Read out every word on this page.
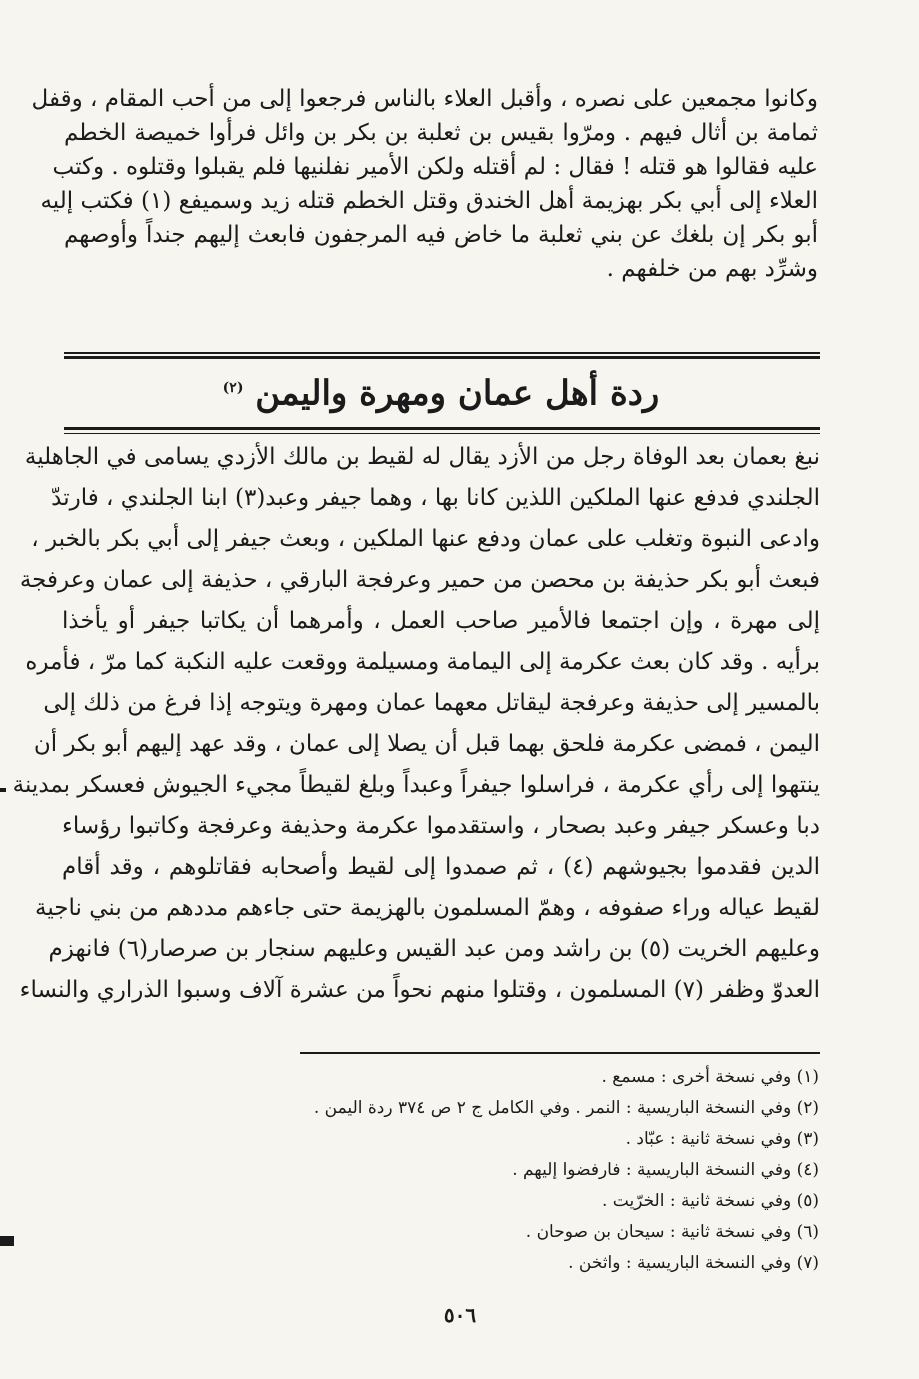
وكانوا مجمعين على نصره ، وأقبل العلاء بالناس فرجعوا إلى من أحب المقام ، وقفل
ثمامة بن أثال فيهم . ومرّوا بقيس بن ثعلبة بن بكر بن وائل فرأوا خميصة الخطم
عليه فقالوا هو قتله ! فقال : لم أقتله ولكن الأمير نفلنيها فلم يقبلوا وقتلوه . وكتب
العلاء إلى أبي بكر بهزيمة أهل الخندق وقتل الخطم قتله زيد وسميفع (١) فكتب إليه
أبو بكر إن بلغك عن بني ثعلبة ما خاض فيه المرجفون فابعث إليهم جنداً وأوصهم
وشرِّد بهم من خلفهم .
ردة أهل عمان ومهرة واليمن $^{(٢)}$
نبغ بعمان بعد الوفاة رجل من الأزد يقال له لقيط بن مالك الأزدي يسامى في الجاهلية
الجلندي فدفع عنها الملكين اللذين كانا بها ، وهما جيفر وعبد(٣) ابنا الجلندي ، فارتدّ
وادعى النبوة وتغلب على عمان ودفع عنها الملكين ، وبعث جيفر إلى أبي بكر بالخبر ،
فبعث أبو بكر حذيفة بن محصن من حمير وعرفجة البارقي ، حذيفة إلى عمان وعرفجة
إلى مهرة ، وإن اجتمعا فالأمير صاحب العمل ، وأمرهما أن يكاتبا جيفر أو يأخذا
برأيه . وقد كان بعث عكرمة إلى اليمامة ومسيلمة ووقعت عليه النكبة كما مرّ ، فأمره
بالمسير إلى حذيفة وعرفجة ليقاتل معهما عمان ومهرة ويتوجه إذا فرغ من ذلك إلى
اليمن ، فمضى عكرمة فلحق بهما قبل أن يصلا إلى عمان ، وقد عهد إليهم أبو بكر أن
ينتهوا إلى رأي عكرمة ، فراسلوا جيفراً وعبداً وبلغ لقيطاً مجيء الجيوش فعسكر بمدينة
دبا وعسكر جيفر وعبد بصحار ، واستقدموا عكرمة وحذيفة وعرفجة وكاتبوا رؤساء
الدين فقدموا بجيوشهم (٤) ، ثم صمدوا إلى لقيط وأصحابه فقاتلوهم ، وقد أقام
لقيط عياله وراء صفوفه ، وهمّ المسلمون بالهزيمة حتى جاءهم مددهم من بني ناجية
وعليهم الخريت (٥) بن راشد ومن عبد القيس وعليهم سنجار بن صرصار(٦) فانهزم
العدوّ وظفر (٧) المسلمون ، وقتلوا منهم نحواً من عشرة آلاف وسبوا الذراري والنساء
(١) وفي نسخة أخرى : مسمع .
(٢) وفي النسخة الباريسية : النمر . وفي الكامل ج ٢ ص ٣٧٤ ردة اليمن .
(٣) وفي نسخة ثانية : عبّاد .
(٤) وفي النسخة الباريسية : فارفضوا إليهم .
(٥) وفي نسخة ثانية : الخرّيت .
(٦) وفي نسخة ثانية : سيحان بن صوحان .
(٧) وفي النسخة الباريسية : واثخن .
٥٠٦
